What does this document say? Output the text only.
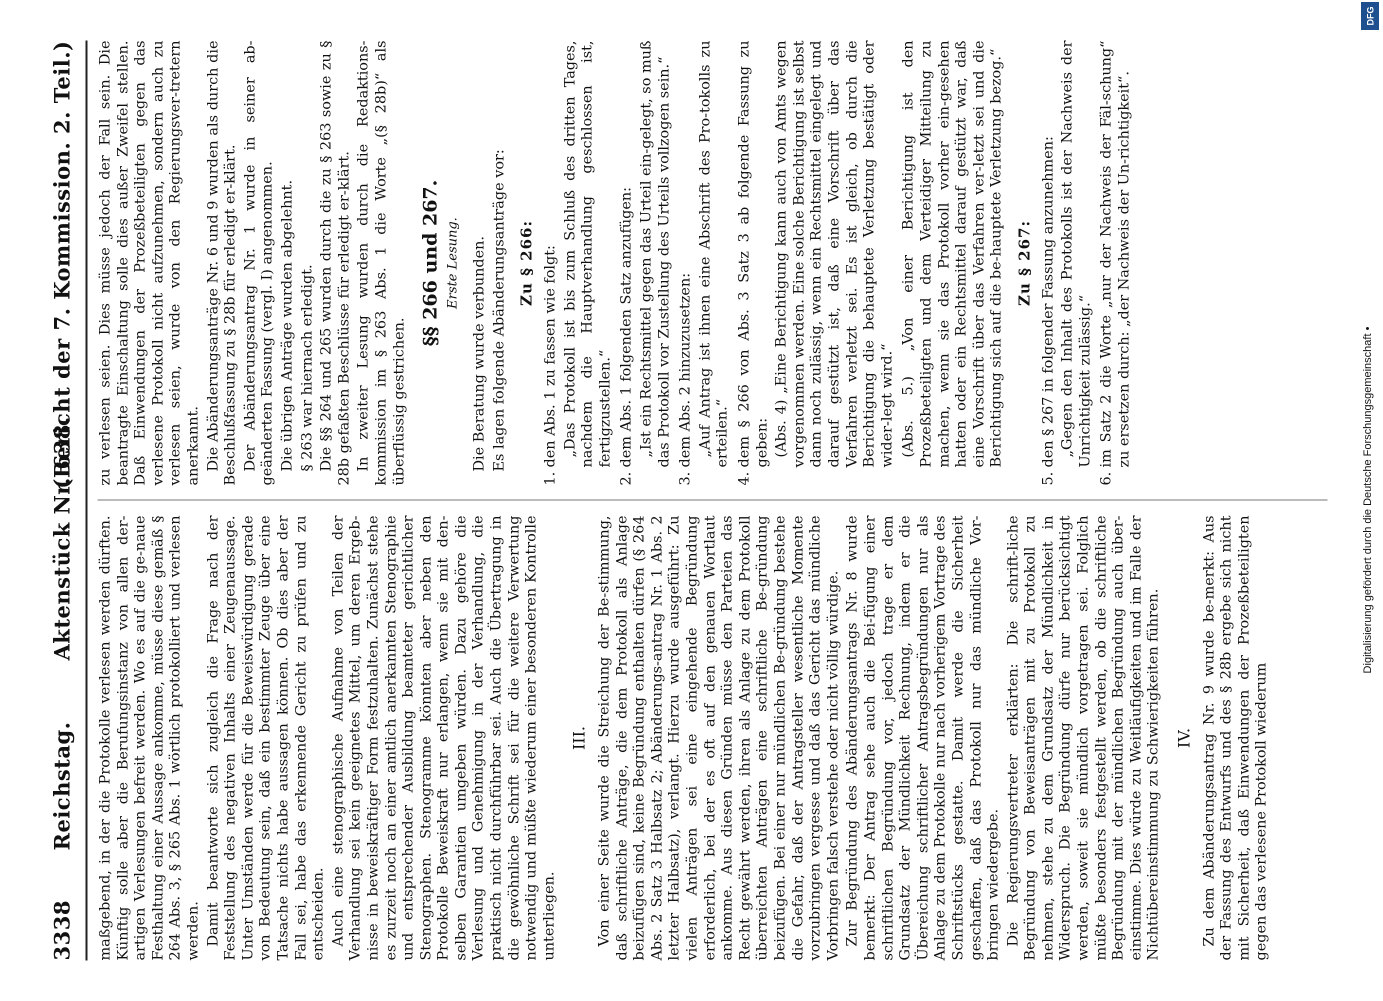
3338
Reichstag.
Aktenstück Nr. 638.
(Bericht der 7. Kommission. 2. Teil.)

maßgebend, in der die Protokolle verlesen werden dürften. Künftig solle aber die Berufungsinstanz von allen der-artigen Verlesungen befreit werden. Wo es auf die ge-naue Festhaltung einer Aussage ankomme, müsse diese gemäß § 264 Abs. 3, § 265 Abs. 1 wörtlich protokolliert und verlesen werden. Damit beantworte sich zugleich die Frage nach der Feststellung des negativen Inhalts einer Zeugenaussage. Unter Umständen werde für die Beweiswürdigung gerade von Bedeutung sein, daß ein bestimmter Zeuge über eine Tatsache nichts habe aussagen können. Ob dies aber der Fall sei, habe das erkennende Gericht zu prüfen und zu entscheiden. Auch eine stenographische Aufnahme von Teilen der Verhandlung sei kein geeignetes Mittel, um deren Ergeb-nisse in beweiskräftiger Form festzuhalten. Zunächst stehe es zurzeit noch an einer amtlich anerkannten Stenographie und entsprechender Ausbildung beamteter gerichtlicher Stenographen. Stenogramme könnten aber neben den Protokolle Beweiskraft nur erlangen, wenn sie mit den-selben Garantien umgeben würden. Dazu gehöre die Verlesung und Genehmigung in der Verhandlung, die praktisch nicht durchführbar sei. Auch die Übertragung in die gewöhnliche Schrift sei für die weitere Verwertung notwendig und müßte wiederum einer besonderen Kontrolle unterliegen.

III. Von einer Seite wurde die Streichung der Be-stimmung, daß schriftliche Anträge, die dem Protokoll als Anlage beizufügen sind, keine Begründung enthalten dürfen (§ 264 Abs. 2 Satz 3 Halbsatz 2; Abänderungs-antrag Nr. 1 Abs. 2 letzter Halbsatz), verlangt. Hierzu wurde ausgeführt: Zu vielen Anträgen sei eine eingehende Begründung erforderlich, bei der es oft auf den genauen Wortlaut ankomme. Aus diesen Gründen müsse den Parteien das Recht gewährt werden, ihren als Anlage zu dem Protokoll überreichten Anträgen eine schriftliche Be-gründung beizufügen. Bei einer nur mündlichen Be-gründung bestehe die Gefahr, daß der Antragsteller wesentliche Momente vorzubringen vergesse und daß das Gericht das mündliche Vorbringen falsch verstehe oder nicht völlig würdige. Zur Begründung des Abänderungsantrags Nr. 8 wurde bemerkt: Der Antrag sehe auch die Bei-fügung einer schriftlichen Begründung vor, jedoch trage er dem Grundsatz der Mündlichkeit Rechnung, indem er die Übereichung schriftlicher Antragsbegründungen nur als Anlage zu dem Protokolle nur nach vorherigem Vortrage des Schriftstücks gestatte. Damit werde die Sicherheit geschaffen, daß das Protokoll nur das mündliche Vor-bringen wiedergebe. Die Regierungsvertreter erklärten: Die schrift-liche Begründung von Beweisanträgen mit zu Protokoll zu nehmen, stehe zu dem Grundsatz der Mündlichkeit in Widerspruch. Die Begründung dürfe nur berücksichtigt werden, soweit sie mündlich vorgetragen sei. Folglich müßte besonders festgestellt werden, ob die schriftliche Begründung mit der mündlichen Begründung auch über-einstimme. Dies würde zu Weitläufigkeiten und im Falle der Nichtübereinstimmung zu Schwierigkeiten führen. IV. Zu dem Abänderungsantrag Nr. 9 wurde be-merkt: Aus der Fassung des Entwurfs und des § 28b ergebe sich nicht mit Sicherheit, daß Einwendungen der Prozeßbeteiligten gegen das verlesene Protokoll wiederum

zu verlesen seien. Dies müsse jedoch der Fall sein. Die beantragte Einschaltung solle dies außer Zweifel stellen. Daß Einwendungen der Prozeßbeteiligten gegen das verlesene Protokoll nicht aufzunehmen, sondern auch zu verlesen seien, wurde von den Regierungsver-tretern anerkannt. Die Abänderungsanträge Nr. 6 und 9 wurden als durch die Beschlußfassung zu § 28b für erledigt er-klärt. Der Abänderungsantrag Nr. 1 wurde in seiner ab-geänderten Fassung (vergl. I) angenommen. Die übrigen Anträge wurden abgelehnt. § 263 war hiernach erledigt. Die §§ 264 und 265 wurden durch die zu § 263 sowie zu § 28b gefaßten Beschlüsse für erledigt er-klärt. In zweiter Lesung wurden durch die Redaktions-kommission im § 263 Abs. 1 die Worte „(§ 28b)“ als überflüssig gestrichen.

§§ 266 und 267. Erste Lesung. Die Beratung wurde verbunden. Es lagen folgende Abänderungsanträge vor: Zu § 266:

1.
den Abs. 1 zu fassen wie folgt: „Das Protokoll ist bis zum Schluß des dritten Tages, nachdem die Hauptverhandlung geschlossen ist, fertigzustellen.“

2.
dem Abs. 1 folgenden Satz anzufügen: „Ist ein Rechtsmittel gegen das Urteil ein-gelegt, so muß das Protokoll vor Zustellung des Urteils vollzogen sein.“

3.
dem Abs. 2 hinzuzusetzen: „Auf Antrag ist ihnen eine Abschrift des Pro-tokolls zu erteilen.“

4.
dem § 266 von Abs. 3 Satz 3 ab folgende Fassung zu geben: (Abs. 4) „Eine Berichtigung kann auch von Amts wegen vorgenommen werden. Eine solche Berichtigung ist selbst dann noch zulässig, wenn ein Rechtsmittel eingelegt und darauf gestützt ist, daß eine Vorschrift über das Verfahren verletzt sei. Es ist gleich, ob durch die Berichtigung die behauptete Verletzung bestätigt oder wider-legt wird.“ (Abs. 5.) „Von einer Berichtigung ist den Prozeßbeteiligten und dem Verteidiger Mitteilung zu machen, wenn sie das Protokoll vorher ein-gesehen hatten oder ein Rechtsmittel darauf gestützt war, daß eine Vorschrift über das Verfahren ver-letzt sei und die Berichtigung sich auf die be-hauptete Verletzung bezog.“ Zu § 267:

5.
den § 267 in folgender Fassung anzunehmen: „Gegen den Inhalt des Protokolls ist der Nachweis der Unrichtigkeit zulässig.“

6.
im Satz 2 die Worte „nur der Nachweis der Fäl-schung“ zu ersetzen durch: „der Nachweis der Un-richtigkeit“.

Digitalisierung gefördert durch die Deutsche Forschungsgemeinschaft •
DFG
